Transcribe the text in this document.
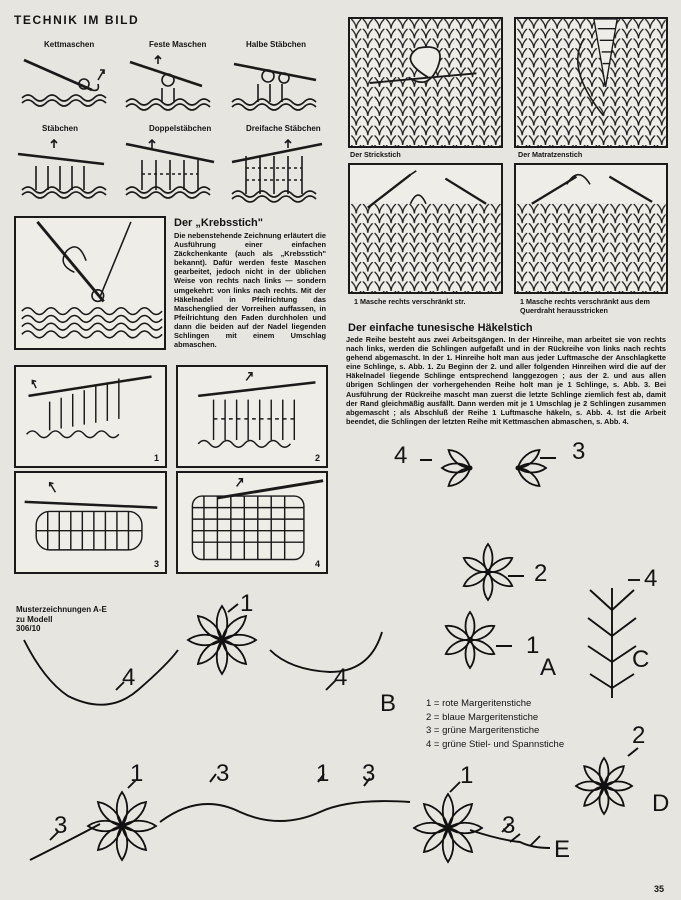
TECHNIK IM BILD
Kettmaschen	Feste Maschen	Halbe Stäbchen
Stäbchen	Doppelstäbchen	Dreifache Stäbchen
Der „Krebsstich"
Die nebenstehende Zeichnung erläutert die Ausführung einer einfachen Zäckchenkante (auch als „Krebsstich" bekannt). Dafür werden feste Maschen gearbeitet, jedoch nicht in der üblichen Weise von rechts nach links — sondern umgekehrt: von links nach rechts. Mit der Häkelnadel in Pfeilrichtung das Maschenglied der Vorreihen auffassen, in Pfeilrichtung den Faden durchholen und dann die beiden auf der Nadel liegenden Schlingen mit einem Umschlag abmaschen.
1	2
3	4
Der Strickstich	Der Matratzenstich
1 Masche rechts verschränkt str.	1 Masche rechts verschränkt aus dem Querdraht herausstricken
Der einfache tunesische Häkelstich
Jede Reihe besteht aus zwei Arbeitsgängen. In der Hinreihe, man arbeitet sie von rechts nach links, werden die Schlingen aufgefaßt und in der Rückreihe von links nach rechts gehend abgemascht. In der 1. Hinreihe holt man aus jeder Luftmasche der Anschlagkette eine Schlinge, s. Abb. 1. Zu Beginn der 2. und aller folgenden Hinreihen wird die auf der Häkelnadel liegende Schlinge entsprechend langgezogen ; aus der 2. und aus allen übrigen Schlingen der vorhergehenden Reihe holt man je 1 Schlinge, s. Abb. 3. Bei Ausführung der Rückreihe mascht man zuerst die letzte Schlinge ziemlich fest ab, damit der Rand gleichmäßig ausfällt. Dann werden mit je 1 Umschlag je 2 Schlingen zusammen abgemascht ; als Abschluß der Reihe 1 Luftmasche häkeln, s. Abb. 4. Ist die Arbeit beendet, die Schlingen der letzten Reihe mit Kettmaschen abmaschen, s. Abb. 4.
4	3
2
1
A
4
C
1
4	4
B
2
D
1	3	1 3	1
3	3
E
Musterzeichnungen A-E
zu Modell
306/10
1 = rote Margeritenstiche
2 = blaue Margeritenstiche
3 = grüne Margeritenstiche
4 = grüne Stiel- und Spannstiche
35
